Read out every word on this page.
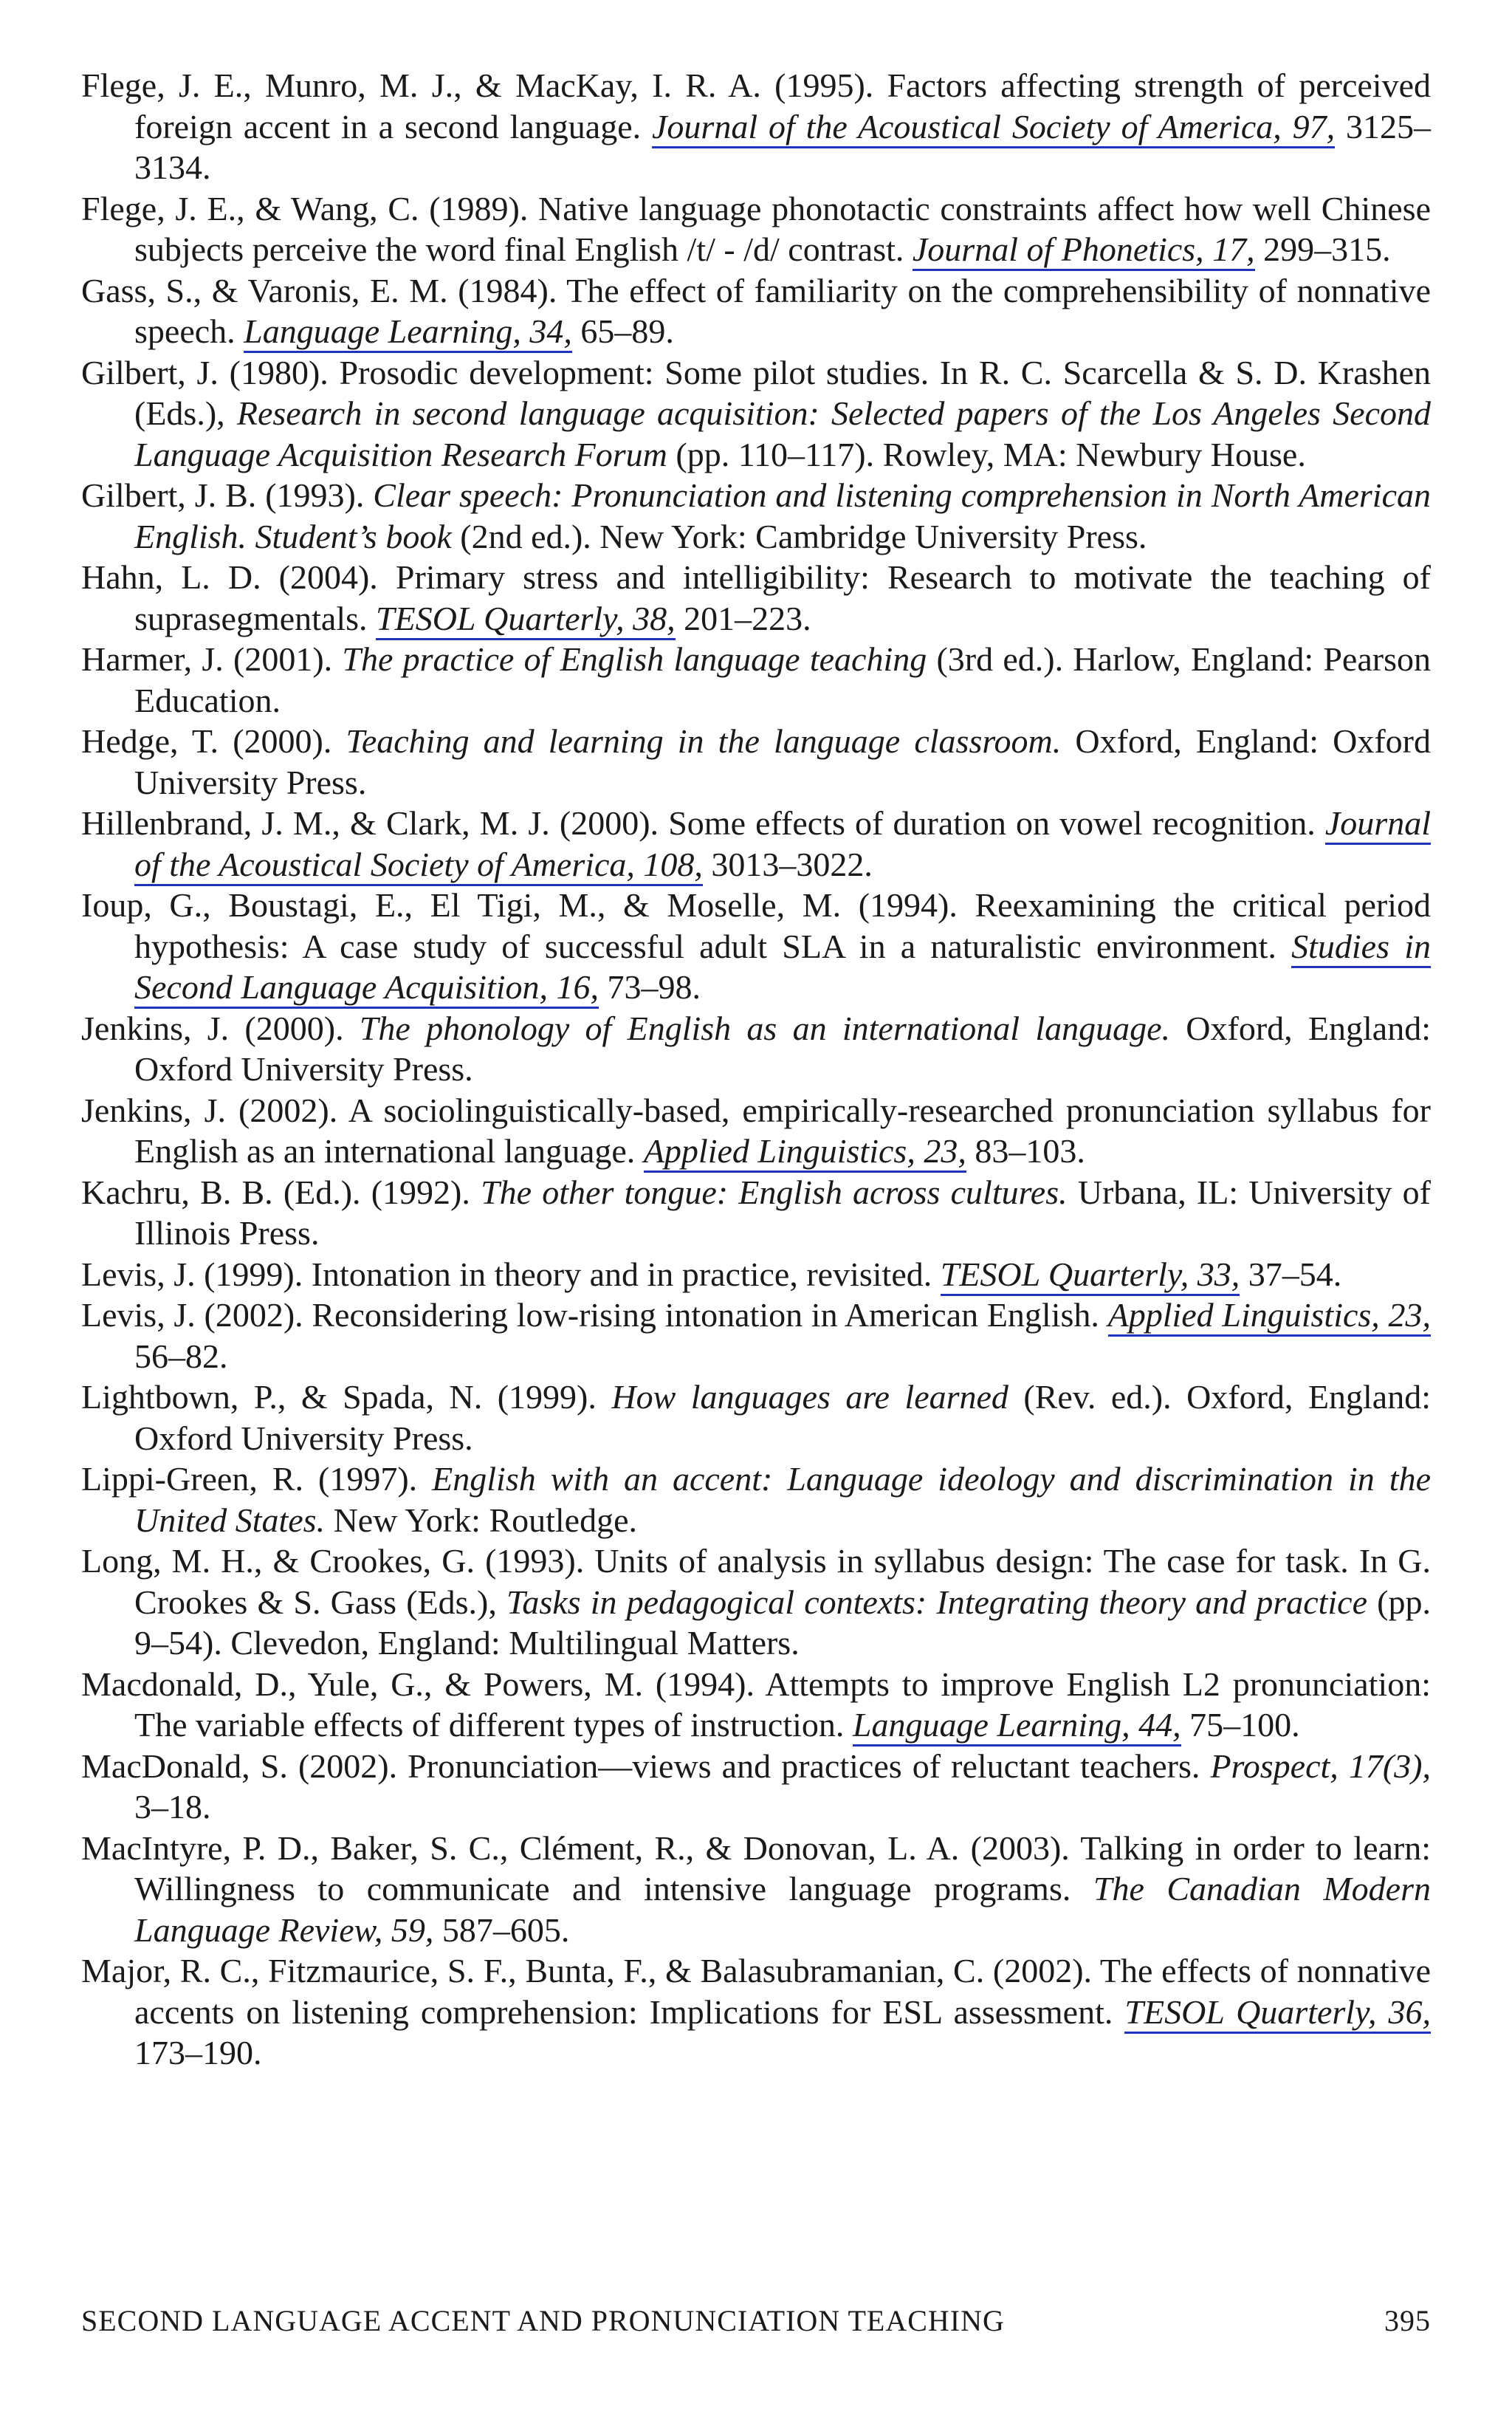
Flege, J. E., Munro, M. J., & MacKay, I. R. A. (1995). Factors affecting strength of perceived foreign accent in a second language. Journal of the Acoustical Society of America, 97, 3125–3134.

Flege, J. E., & Wang, C. (1989). Native language phonotactic constraints affect how well Chinese subjects perceive the word final English /t/ - /d/ contrast. Journal of Phonetics, 17, 299–315.

Gass, S., & Varonis, E. M. (1984). The effect of familiarity on the comprehensibility of nonnative speech. Language Learning, 34, 65–89.

Gilbert, J. (1980). Prosodic development: Some pilot studies. In R. C. Scarcella & S. D. Krashen (Eds.), Research in second language acquisition: Selected papers of the Los Angeles Second Language Acquisition Research Forum (pp. 110–117). Rowley, MA: Newbury House.

Gilbert, J. B. (1993). Clear speech: Pronunciation and listening comprehension in North American English. Student’s book (2nd ed.). New York: Cambridge University Press.

Hahn, L. D. (2004). Primary stress and intelligibility: Research to motivate the teaching of suprasegmentals. TESOL Quarterly, 38, 201–223.

Harmer, J. (2001). The practice of English language teaching (3rd ed.). Harlow, England: Pearson Education.

Hedge, T. (2000). Teaching and learning in the language classroom. Oxford, England: Oxford University Press.

Hillenbrand, J. M., & Clark, M. J. (2000). Some effects of duration on vowel recognition. Journal of the Acoustical Society of America, 108, 3013–3022.

Ioup, G., Boustagi, E., El Tigi, M., & Moselle, M. (1994). Reexamining the critical period hypothesis: A case study of successful adult SLA in a naturalistic environment. Studies in Second Language Acquisition, 16, 73–98.

Jenkins, J. (2000). The phonology of English as an international language. Oxford, England: Oxford University Press.

Jenkins, J. (2002). A sociolinguistically-based, empirically-researched pronunciation syllabus for English as an international language. Applied Linguistics, 23, 83–103.

Kachru, B. B. (Ed.). (1992). The other tongue: English across cultures. Urbana, IL: University of Illinois Press.

Levis, J. (1999). Intonation in theory and in practice, revisited. TESOL Quarterly, 33, 37–54.

Levis, J. (2002). Reconsidering low-rising intonation in American English. Applied Linguistics, 23, 56–82.

Lightbown, P., & Spada, N. (1999). How languages are learned (Rev. ed.). Oxford, England: Oxford University Press.

Lippi-Green, R. (1997). English with an accent: Language ideology and discrimination in the United States. New York: Routledge.

Long, M. H., & Crookes, G. (1993). Units of analysis in syllabus design: The case for task. In G. Crookes & S. Gass (Eds.), Tasks in pedagogical contexts: Integrating theory and practice (pp. 9–54). Clevedon, England: Multilingual Matters.

Macdonald, D., Yule, G., & Powers, M. (1994). Attempts to improve English L2 pronunciation: The variable effects of different types of instruction. Language Learning, 44, 75–100.

MacDonald, S. (2002). Pronunciation—views and practices of reluctant teachers. Prospect, 17(3), 3–18.

MacIntyre, P. D., Baker, S. C., Clément, R., & Donovan, L. A. (2003). Talking in order to learn: Willingness to communicate and intensive language programs. The Canadian Modern Language Review, 59, 587–605.

Major, R. C., Fitzmaurice, S. F., Bunta, F., & Balasubramanian, C. (2002). The effects of nonnative accents on listening comprehension: Implications for ESL assessment. TESOL Quarterly, 36, 173–190.

SECOND LANGUAGE ACCENT AND PRONUNCIATION TEACHING	395
